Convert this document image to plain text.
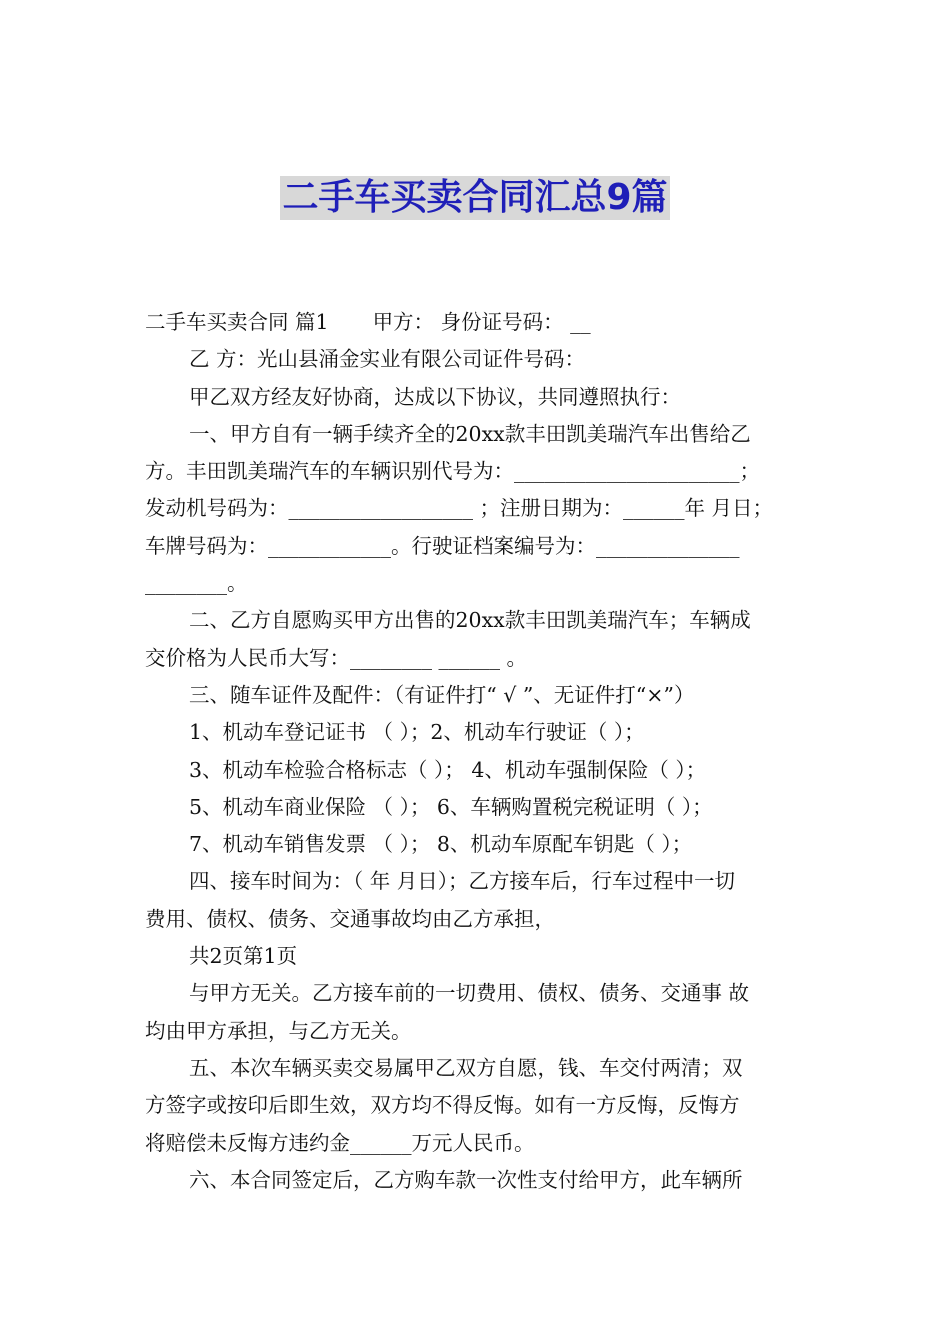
二手车买卖合同汇总9篇

二手车买卖合同 篇1 甲方： 身份证号码： __

乙 方：光山县涌金实业有限公司证件号码：

甲乙双方经友好协商，达成以下协议，共同遵照执行：

一、甲方自有一辆手续齐全的20xx款丰田凯美瑞汽车出售给乙

方。丰田凯美瑞汽车的车辆识别代号为：______________________；

发动机号码为：__________________ ；注册日期为：______年 月日；

车牌号码为：____________。行驶证档案编号为：______________

________。

二、乙方自愿购买甲方出售的20xx款丰田凯美瑞汽车；车辆成

交价格为人民币大写：________ ______ 。

三、随车证件及配件：（有证件打“ √ ”、无证件打“×”）

1、机动车登记证书 （ ）；2、机动车行驶证（ ）；

3、机动车检验合格标志（ ）； 4、机动车强制保险（ ）；

5、机动车商业保险 （ ）； 6、车辆购置税完税证明（ ）；

7、机动车销售发票 （ ）； 8、机动车原配车钥匙（ ）；

四、接车时间为：（ 年 月日）；乙方接车后，行车过程中一切

费用、债权、债务、交通事故均由乙方承担，

共2页第1页

与甲方无关。乙方接车前的一切费用、债权、债务、交通事 故

均由甲方承担，与乙方无关。

五、本次车辆买卖交易属甲乙双方自愿，钱、车交付两清；双

方签字或按印后即生效，双方均不得反悔。如有一方反悔，反悔方

将赔偿未反悔方违约金______万元人民币。

六、本合同签定后，乙方购车款一次性支付给甲方，此车辆所
